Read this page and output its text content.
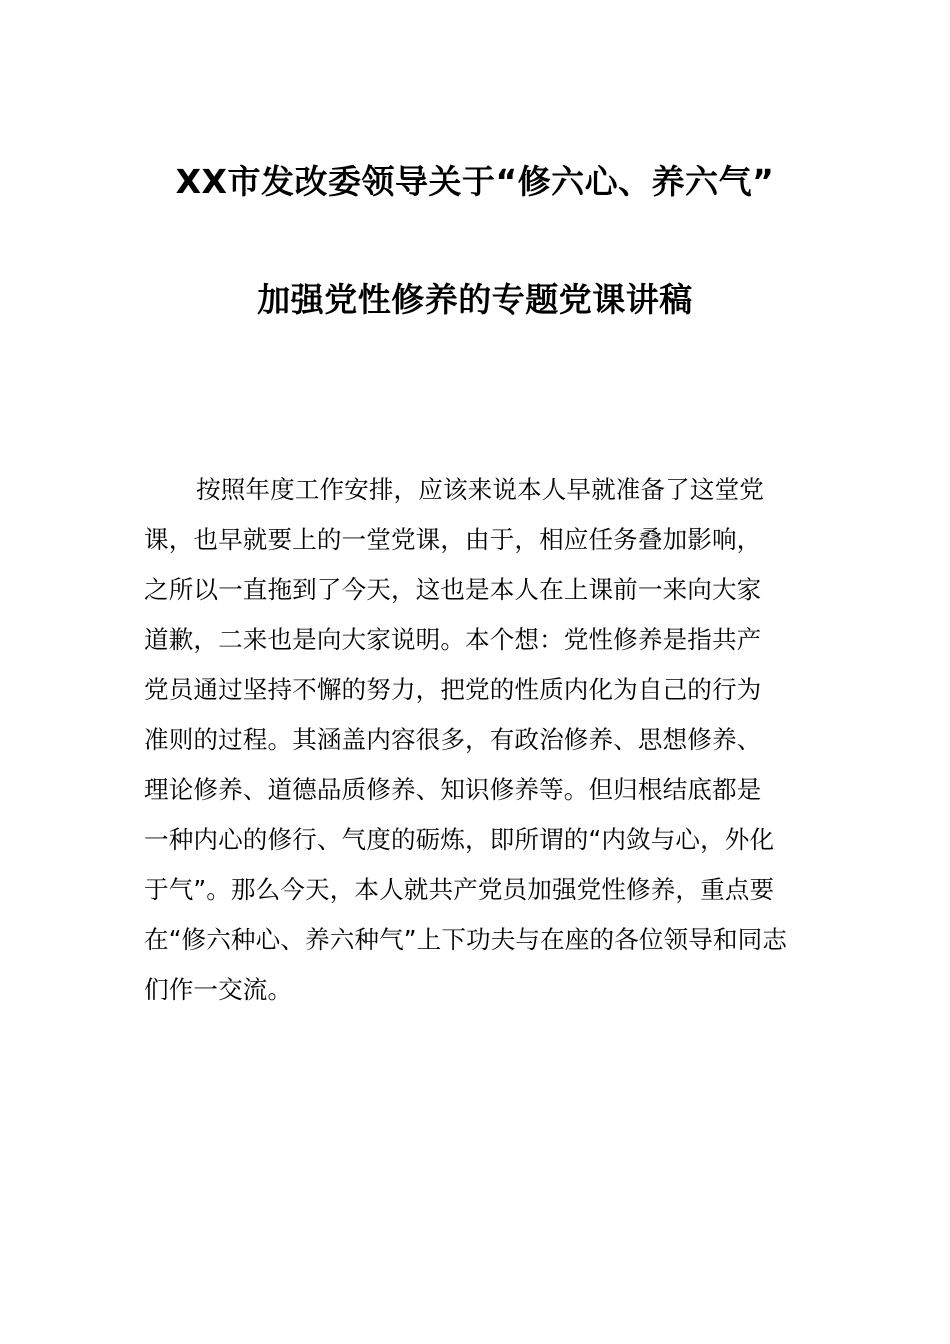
XX市发改委领导关于“修六心、养六气”
加强党性修养的专题党课讲稿
按照年度工作安排，应该来说本人早就准备了这堂党
课，也早就要上的一堂党课，由于，相应任务叠加影响，
之所以一直拖到了今天，这也是本人在上课前一来向大家
道歉，二来也是向大家说明。本个想：党性修养是指共产
党员通过坚持不懈的努力，把党的性质内化为自己的行为
准则的过程。其涵盖内容很多，有政治修养、思想修养、
理论修养、道德品质修养、知识修养等。但归根结底都是
一种内心的修行、气度的砺炼，即所谓的“内敛与心，外化
于气”。那么今天，本人就共产党员加强党性修养，重点要
在“修六种心、养六种气”上下功夫与在座的各位领导和同志
们作一交流。
